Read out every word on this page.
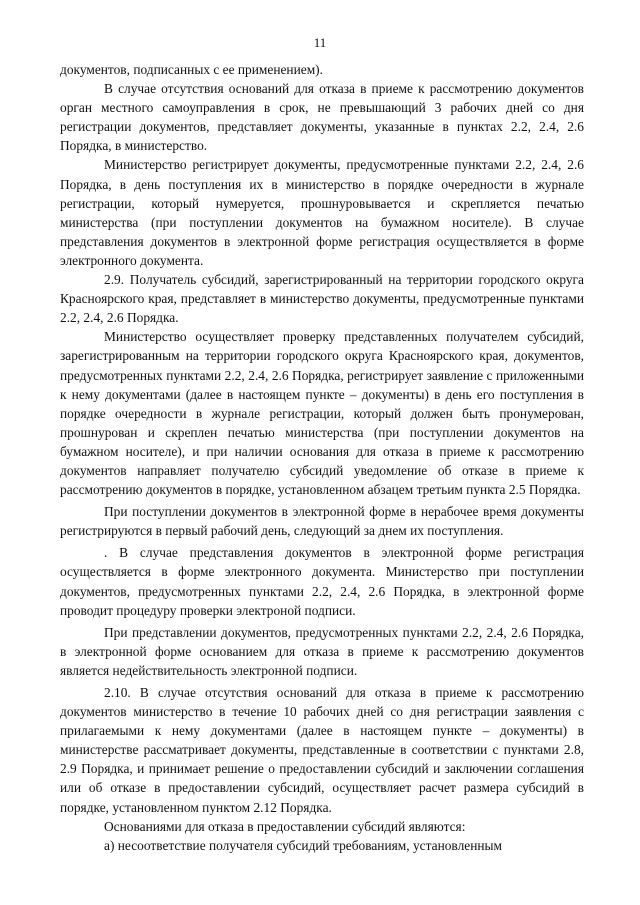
11

документов, подписанных с ее применением).

В случае отсутствия оснований для отказа в приеме к рассмотрению документов орган местного самоуправления в срок, не превышающий 3 рабочих дней со дня регистрации документов, представляет документы, указанные в пунктах 2.2, 2.4, 2.6 Порядка, в министерство.

Министерство регистрирует документы, предусмотренные пунктами 2.2, 2.4, 2.6 Порядка, в день поступления их в министерство в порядке очередности в журнале регистрации, который нумеруется, прошнуровывается и скрепляется печатью министерства (при поступлении документов на бумажном носителе). В случае представления документов в электронной форме регистрация осуществляется в форме электронного документа.

2.9. Получатель субсидий, зарегистрированный на территории городского округа Красноярского края, представляет в министерство документы, предусмотренные пунктами 2.2, 2.4, 2.6 Порядка.

Министерство осуществляет проверку представленных получателем субсидий, зарегистрированным на территории городского округа Красноярского края, документов, предусмотренных пунктами 2.2, 2.4, 2.6 Порядка, регистрирует заявление с приложенными к нему документами (далее в настоящем пункте – документы) в день его поступления в порядке очередности в журнале регистрации, который должен быть пронумерован, прошнурован и скреплен печатью министерства (при поступлении документов на бумажном носителе), и при наличии основания для отказа в приеме к рассмотрению документов направляет получателю субсидий уведомление об отказе в приеме к рассмотрению документов в порядке, установленном абзацем третьим пункта 2.5 Порядка.

При поступлении документов в электронной форме в нерабочее время документы регистрируются в первый рабочий день, следующий за днем их поступления.

. В случае представления документов в электронной форме регистрация осуществляется в форме электронного документа. Министерство при поступлении документов, предусмотренных пунктами 2.2, 2.4, 2.6 Порядка, в электронной форме проводит процедуру проверки электроной подписи.

При представлении документов, предусмотренных пунктами 2.2, 2.4, 2.6 Порядка, в электронной форме основанием для отказа в приеме к рассмотрению документов является недействительность электронной подписи.

2.10. В случае отсутствия оснований для отказа в приеме к рассмотрению документов министерство в течение 10 рабочих дней со дня регистрации заявления с прилагаемыми к нему документами (далее в настоящем пункте – документы) в министерстве рассматривает документы, представленные в соответствии с пунктами 2.8, 2.9 Порядка, и принимает решение о предоставлении субсидий и заключении соглашения или об отказе в предоставлении субсидий, осуществляет расчет размера субсидий в порядке, установленном пунктом 2.12 Порядка.

Основаниями для отказа в предоставлении субсидий являются:

а) несоответствие получателя субсидий требованиям, установленным
